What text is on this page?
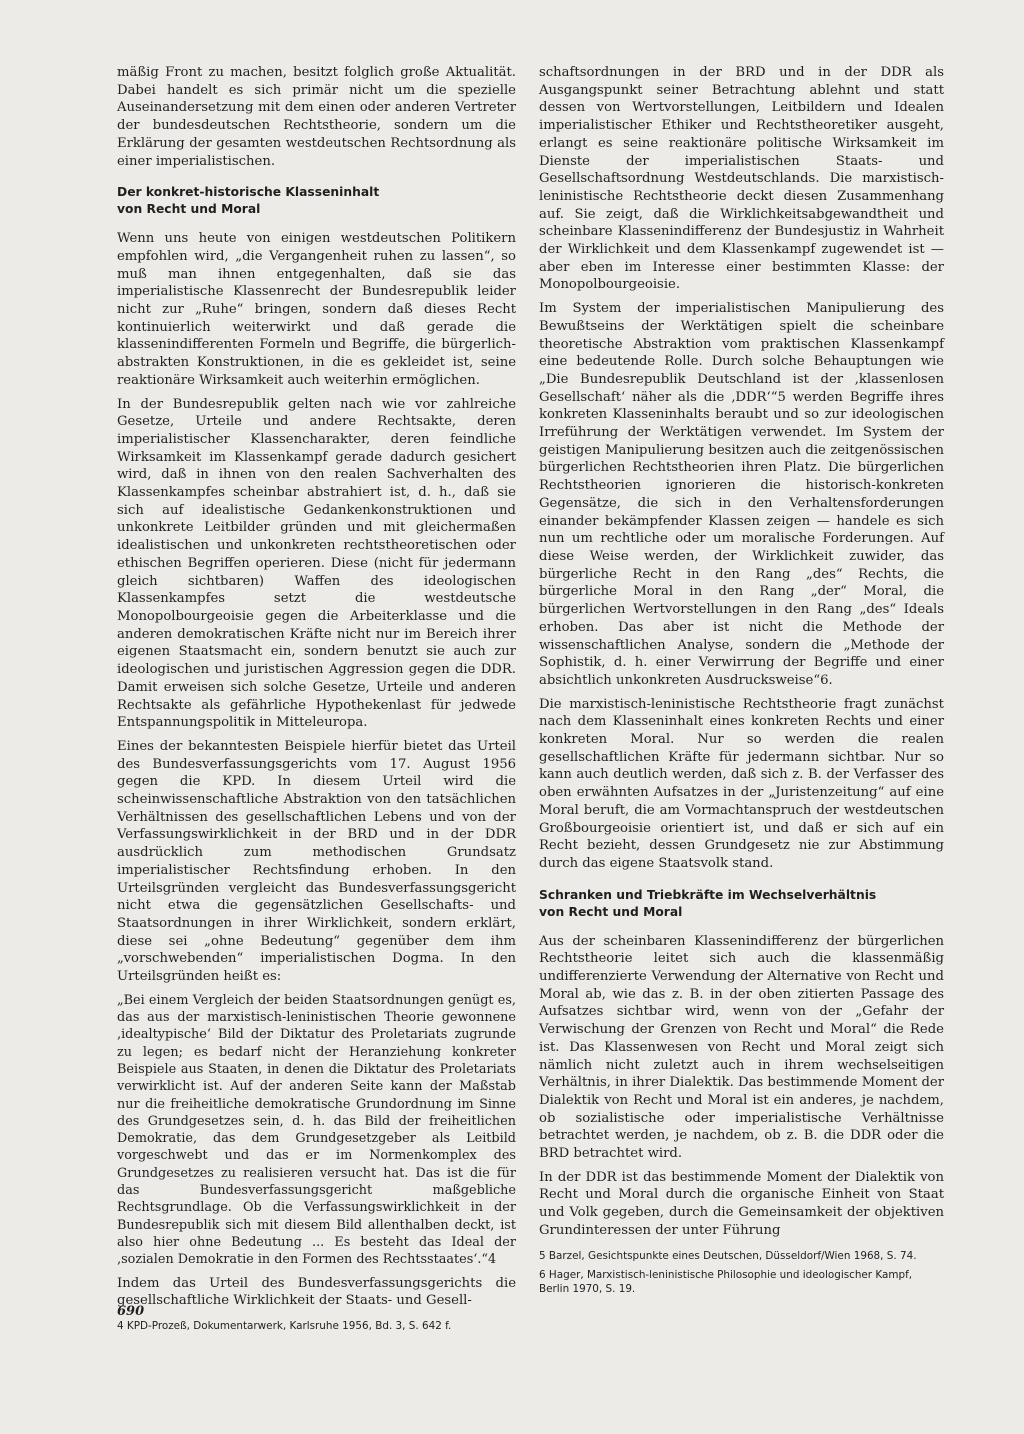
mäßig Front zu machen, besitzt folglich große Aktualität. Dabei handelt es sich primär nicht um die spezielle Auseinandersetzung mit dem einen oder anderen Vertreter der bundesdeutschen Rechtstheorie, sondern um die Erklärung der gesamten westdeutschen Rechtsordnung als einer imperialistischen.

Der konkret-historische Klasseninhalt
von Recht und Moral

Wenn uns heute von einigen westdeutschen Politikern empfohlen wird, „die Vergangenheit ruhen zu lassen“, so muß man ihnen entgegenhalten, daß sie das imperialistische Klassenrecht der Bundesrepublik leider nicht zur „Ruhe“ bringen, sondern daß dieses Recht kontinuierlich weiterwirkt und daß gerade die klassenindifferenten Formeln und Begriffe, die bürgerlich-abstrakten Konstruktionen, in die es gekleidet ist, seine reaktionäre Wirksamkeit auch weiterhin ermöglichen.

In der Bundesrepublik gelten nach wie vor zahlreiche Gesetze, Urteile und andere Rechtsakte, deren imperialistischer Klassencharakter, deren feindliche Wirksamkeit im Klassenkampf gerade dadurch gesichert wird, daß in ihnen von den realen Sachverhalten des Klassenkampfes scheinbar abstrahiert ist, d. h., daß sie sich auf idealistische Gedankenkonstruktionen und unkonkrete Leitbilder gründen und mit gleichermaßen idealistischen und unkonkreten rechtstheoretischen oder ethischen Begriffen operieren. Diese (nicht für jedermann gleich sichtbaren) Waffen des ideologischen Klassenkampfes setzt die westdeutsche Monopolbourgeoisie gegen die Arbeiterklasse und die anderen demokratischen Kräfte nicht nur im Bereich ihrer eigenen Staatsmacht ein, sondern benutzt sie auch zur ideologischen und juristischen Aggression gegen die DDR. Damit erweisen sich solche Gesetze, Urteile und anderen Rechtsakte als gefährliche Hypothekenlast für jedwede Entspannungspolitik in Mitteleuropa.

Eines der bekanntesten Beispiele hierfür bietet das Urteil des Bundesverfassungsgerichts vom 17. August 1956 gegen die KPD. In diesem Urteil wird die scheinwissenschaftliche Abstraktion von den tatsächlichen Verhältnissen des gesellschaftlichen Lebens und von der Verfassungswirklichkeit in der BRD und in der DDR ausdrücklich zum methodischen Grundsatz imperialistischer Rechtsfindung erhoben. In den Urteilsgründen vergleicht das Bundesverfassungsgericht nicht etwa die gegensätzlichen Gesellschafts- und Staatsordnungen in ihrer Wirklichkeit, sondern erklärt, diese sei „ohne Bedeutung“ gegenüber dem ihm „vorschwebenden“ imperialistischen Dogma. In den Urteilsgründen heißt es:

„Bei einem Vergleich der beiden Staatsordnungen genügt es, das aus der marxistisch-leninistischen Theorie gewonnene ‚idealtypische‘ Bild der Diktatur des Proletariats zugrunde zu legen; es bedarf nicht der Heranziehung konkreter Beispiele aus Staaten, in denen die Diktatur des Proletariats verwirklicht ist. Auf der anderen Seite kann der Maßstab nur die freiheitliche demokratische Grundordnung im Sinne des Grundgesetzes sein, d. h. das Bild der freiheitlichen Demokratie, das dem Grundgesetzgeber als Leitbild vorgeschwebt und das er im Normenkomplex des Grundgesetzes zu realisieren versucht hat. Das ist die für das Bundesverfassungsgericht maßgebliche Rechtsgrundlage. Ob die Verfassungswirklichkeit in der Bundesrepublik sich mit diesem Bild allenthalben deckt, ist also hier ohne Bedeutung ... Es besteht das Ideal der ‚sozialen Demokratie in den Formen des Rechtsstaates‘.“4

Indem das Urteil des Bundesverfassungsgerichts die gesellschaftliche Wirklichkeit der Staats- und Gesell-

4 KPD-Prozeß, Dokumentarwerk, Karlsruhe 1956, Bd. 3, S. 642 f.

schaftsordnungen in der BRD und in der DDR als Ausgangspunkt seiner Betrachtung ablehnt und statt dessen von Wertvorstellungen, Leitbildern und Idealen imperialistischer Ethiker und Rechtstheoretiker ausgeht, erlangt es seine reaktionäre politische Wirksamkeit im Dienste der imperialistischen Staats- und Gesellschaftsordnung Westdeutschlands. Die marxistisch-leninistische Rechtstheorie deckt diesen Zusammenhang auf. Sie zeigt, daß die Wirklichkeitsabgewandtheit und scheinbare Klassenindifferenz der Bundesjustiz in Wahrheit der Wirklichkeit und dem Klassenkampf zugewendet ist — aber eben im Interesse einer bestimmten Klasse: der Monopolbourgeoisie.

Im System der imperialistischen Manipulierung des Bewußtseins der Werktätigen spielt die scheinbare theoretische Abstraktion vom praktischen Klassenkampf eine bedeutende Rolle. Durch solche Behauptungen wie „Die Bundesrepublik Deutschland ist der ‚klassenlosen Gesellschaft‘ näher als die ‚DDR‘“5 werden Begriffe ihres konkreten Klasseninhalts beraubt und so zur ideologischen Irreführung der Werktätigen verwendet. Im System der geistigen Manipulierung besitzen auch die zeitgenössischen bürgerlichen Rechtstheorien ihren Platz. Die bürgerlichen Rechtstheorien ignorieren die historisch-konkreten Gegensätze, die sich in den Verhaltensforderungen einander bekämpfender Klassen zeigen — handele es sich nun um rechtliche oder um moralische Forderungen. Auf diese Weise werden, der Wirklichkeit zuwider, das bürgerliche Recht in den Rang „des“ Rechts, die bürgerliche Moral in den Rang „der“ Moral, die bürgerlichen Wertvorstellungen in den Rang „des“ Ideals erhoben. Das aber ist nicht die Methode der wissenschaftlichen Analyse, sondern die „Methode der Sophistik, d. h. einer Verwirrung der Begriffe und einer absichtlich unkonkreten Ausdrucksweise“6.

Die marxistisch-leninistische Rechtstheorie fragt zunächst nach dem Klasseninhalt eines konkreten Rechts und einer konkreten Moral. Nur so werden die realen gesellschaftlichen Kräfte für jedermann sichtbar. Nur so kann auch deutlich werden, daß sich z. B. der Verfasser des oben erwähnten Aufsatzes in der „Juristenzeitung“ auf eine Moral beruft, die am Vormachtanspruch der westdeutschen Großbourgeoisie orientiert ist, und daß er sich auf ein Recht bezieht, dessen Grundgesetz nie zur Abstimmung durch das eigene Staatsvolk stand.

Schranken und Triebkräfte im Wechselverhältnis
von Recht und Moral

Aus der scheinbaren Klassenindifferenz der bürgerlichen Rechtstheorie leitet sich auch die klassenmäßig undifferenzierte Verwendung der Alternative von Recht und Moral ab, wie das z. B. in der oben zitierten Passage des Aufsatzes sichtbar wird, wenn von der „Gefahr der Verwischung der Grenzen von Recht und Moral“ die Rede ist. Das Klassenwesen von Recht und Moral zeigt sich nämlich nicht zuletzt auch in ihrem wechselseitigen Verhältnis, in ihrer Dialektik. Das bestimmende Moment der Dialektik von Recht und Moral ist ein anderes, je nachdem, ob sozialistische oder imperialistische Verhältnisse betrachtet werden, je nachdem, ob z. B. die DDR oder die BRD betrachtet wird.

In der DDR ist das bestimmende Moment der Dialektik von Recht und Moral durch die organische Einheit von Staat und Volk gegeben, durch die Gemeinsamkeit der objektiven Grundinteressen der unter Führung

5 Barzel, Gesichtspunkte eines Deutschen, Düsseldorf/Wien 1968, S. 74.

6 Hager, Marxistisch-leninistische Philosophie und ideologischer Kampf, Berlin 1970, S. 19.

690
